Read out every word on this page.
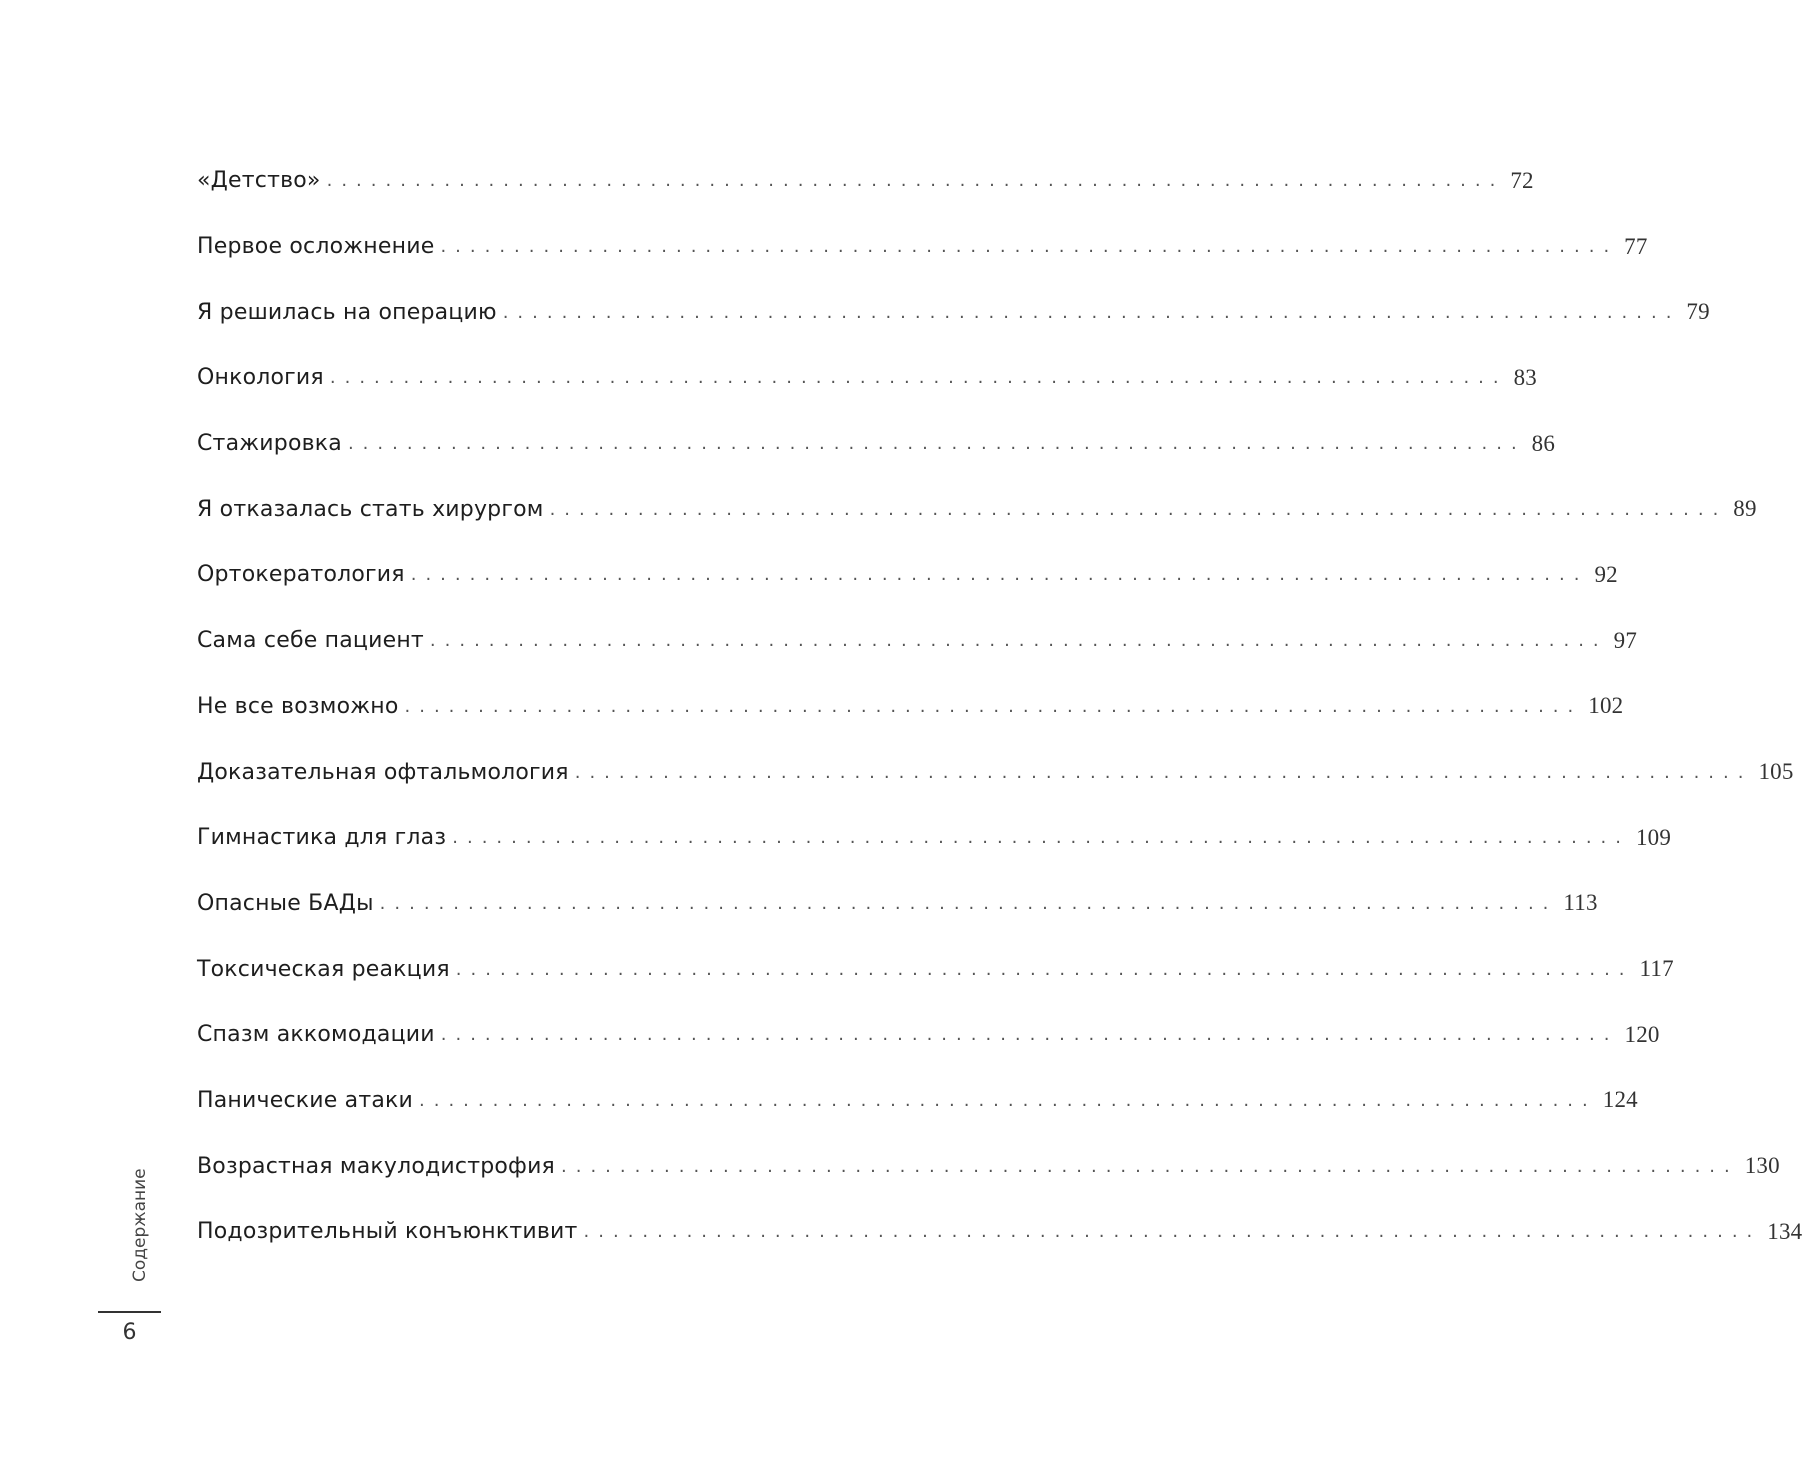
«Детство» ................................................................................ 72
Первое осложнение ................................................................................ 77
Я решилась на операцию ................................................................................ 79
Онкология ................................................................................ 83
Стажировка ................................................................................ 86
Я отказалась стать хирургом ................................................................................ 89
Ортокератология ................................................................................ 92
Сама себе пациент ................................................................................ 97
Не все возможно ................................................................................ 102
Доказательная офтальмология ................................................................................ 105
Гимнастика для глаз ................................................................................ 109
Опасные БАДы ................................................................................ 113
Токсическая реакция ................................................................................ 117
Спазм аккомодации ................................................................................ 120
Панические атаки ................................................................................ 124
Возрастная макулодистрофия ................................................................................ 130
Подозрительный конъюнктивит ................................................................................ 134
Содержание
6
